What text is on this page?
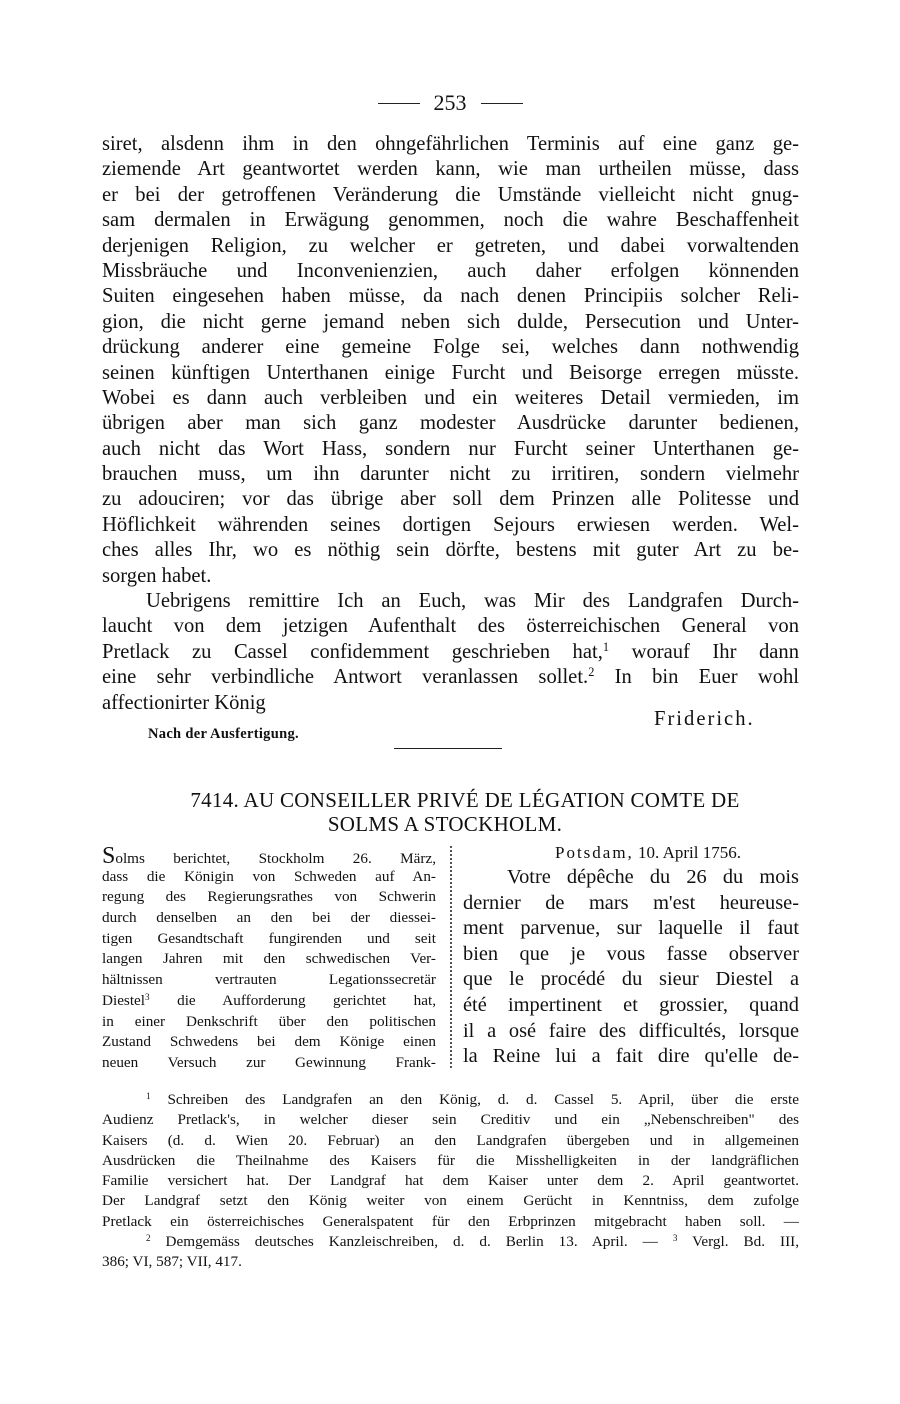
253
siret, alsdenn ihm in den ohngefährlichen Terminis auf eine ganz ge-
ziemende Art geantwortet werden kann, wie man urtheilen müsse, dass
er bei der getroffenen Veränderung die Umstände vielleicht nicht gnug-
sam dermalen in Erwägung genommen, noch die wahre Beschaffenheit
derjenigen Religion, zu welcher er getreten, und dabei vorwaltenden
Missbräuche und Inconvenienzien, auch daher erfolgen könnenden
Suiten eingesehen haben müsse, da nach denen Principiis solcher Reli-
gion, die nicht gerne jemand neben sich dulde, Persecution und Unter-
drückung anderer eine gemeine Folge sei, welches dann nothwendig
seinen künftigen Unterthanen einige Furcht und Beisorge erregen müsste.
Wobei es dann auch verbleiben und ein weiteres Detail vermieden, im
übrigen aber man sich ganz modester Ausdrücke darunter bedienen,
auch nicht das Wort Hass, sondern nur Furcht seiner Unterthanen ge-
brauchen muss, um ihn darunter nicht zu irritiren, sondern vielmehr
zu adouciren; vor das übrige aber soll dem Prinzen alle Politesse und
Höflichkeit währenden seines dortigen Sejours erwiesen werden. Wel-
ches alles Ihr, wo es nöthig sein dörfte, bestens mit guter Art zu be-
sorgen habet.
Uebrigens remittire Ich an Euch, was Mir des Landgrafen Durch-
laucht von dem jetzigen Aufenthalt des österreichischen General von
Pretlack zu Cassel confidemment geschrieben hat,$^1$ worauf Ihr dann
eine sehr verbindliche Antwort veranlassen sollet.$^2$ In bin Euer wohl
affectionirter König
Friderich.
Nach der Ausfertigung.
7414. AU CONSEILLER PRIVÉ DE LÉGATION COMTE DE
SOLMS A STOCKHOLM.
Solms berichtet, Stockholm 26. März,
dass die Königin von Schweden auf An-
regung des Regierungsrathes von Schwerin
durch denselben an den bei der diessei-
tigen Gesandtschaft fungirenden und seit
langen Jahren mit den schwedischen Ver-
hältnissen vertrauten Legationssecretär
Diestel$^3$ die Aufforderung gerichtet hat,
in einer Denkschrift über den politischen
Zustand Schwedens bei dem Könige einen
neuen Versuch zur Gewinnung Frank-
Potsdam, 10. April 1756.
Votre dépêche du 26 du mois
dernier de mars m'est heureuse-
ment parvenue, sur laquelle il faut
bien que je vous fasse observer
que le procédé du sieur Diestel a
été impertinent et grossier, quand
il a osé faire des difficultés, lorsque
la Reine lui a fait dire qu'elle de-
$^1$ Schreiben des Landgrafen an den König, d. d. Cassel 5. April, über die erste
Audienz Pretlack's, in welcher dieser sein Creditiv und ein „Nebenschreiben" des
Kaisers (d. d. Wien 20. Februar) an den Landgrafen übergeben und in allgemeinen
Ausdrücken die Theilnahme des Kaisers für die Misshelligkeiten in der landgräflichen
Familie versichert hat. Der Landgraf hat dem Kaiser unter dem 2. April geantwortet.
Der Landgraf setzt den König weiter von einem Gerücht in Kenntniss, dem zufolge
Pretlack ein österreichisches Generalspatent für den Erbprinzen mitgebracht haben soll. —
$^2$ Demgemäss deutsches Kanzleischreiben, d. d. Berlin 13. April. — $^3$ Vergl. Bd. III,
386; VI, 587; VII, 417.
